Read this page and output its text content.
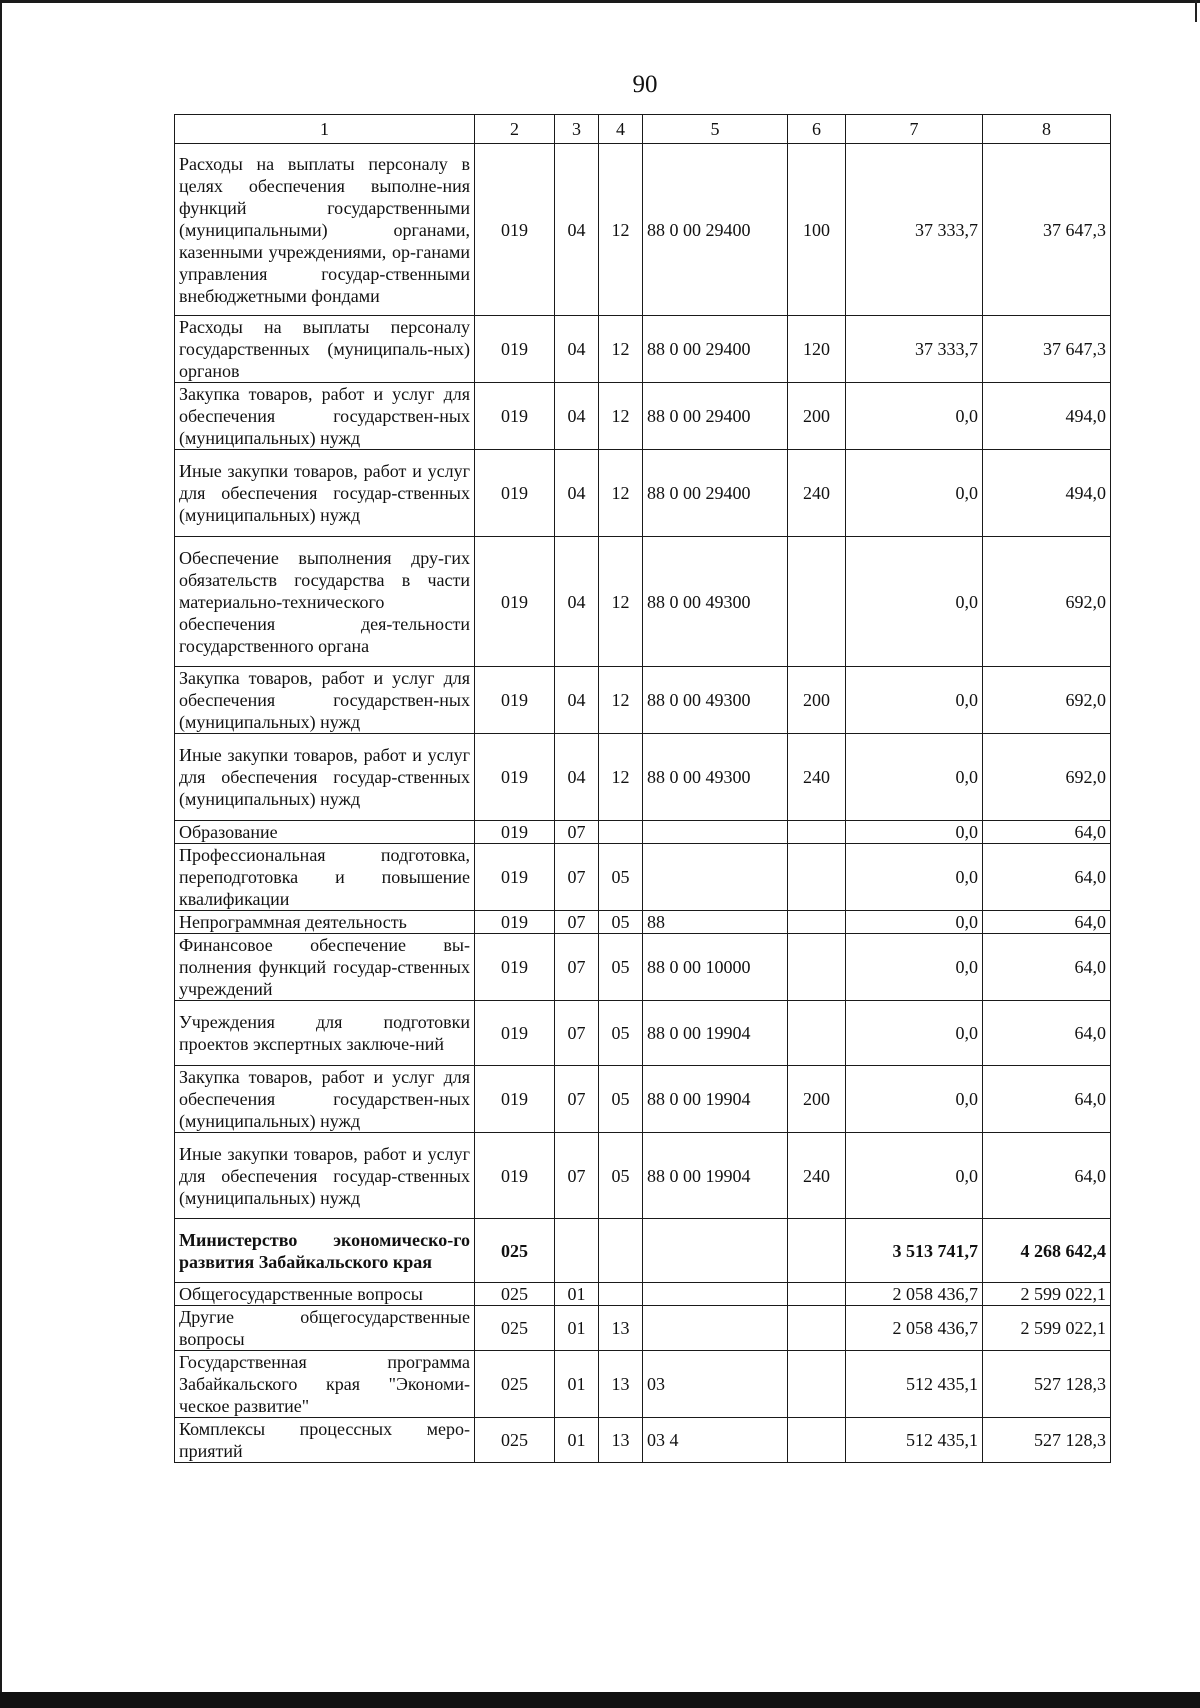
90
1	2	3	4	5	6	7	8
Расходы на выплаты персоналу в целях обеспечения выполне-ния функций государственными (муниципальными) органами, казенными учреждениями, ор-ганами управления государ-ственными внебюджетными фондами	019	04	12	88 0 00 29400	100	37 333,7	37 647,3
Расходы на выплаты персоналу государственных (муниципаль-ных) органов	019	04	12	88 0 00 29400	120	37 333,7	37 647,3
Закупка товаров, работ и услуг для обеспечения государствен-ных (муниципальных) нужд	019	04	12	88 0 00 29400	200	0,0	494,0
Иные закупки товаров, работ и услуг для обеспечения государ-ственных (муниципальных) нужд	019	04	12	88 0 00 29400	240	0,0	494,0
Обеспечение выполнения дру-гих обязательств государства в части материально-технического обеспечения дея-тельности государственного органа	019	04	12	88 0 00 49300		0,0	692,0
Закупка товаров, работ и услуг для обеспечения государствен-ных (муниципальных) нужд	019	04	12	88 0 00 49300	200	0,0	692,0
Иные закупки товаров, работ и услуг для обеспечения государ-ственных (муниципальных) нужд	019	04	12	88 0 00 49300	240	0,0	692,0
Образование	019	07				0,0	64,0
Профессиональная подготовка, переподготовка и повышение квалификации	019	07	05			0,0	64,0
Непрограммная деятельность	019	07	05	88		0,0	64,0
Финансовое обеспечение вы-полнения функций государ-ственных учреждений	019	07	05	88 0 00 10000		0,0	64,0
Учреждения для подготовки проектов экспертных заключе-ний	019	07	05	88 0 00 19904		0,0	64,0
Закупка товаров, работ и услуг для обеспечения государствен-ных (муниципальных) нужд	019	07	05	88 0 00 19904	200	0,0	64,0
Иные закупки товаров, работ и услуг для обеспечения государ-ственных (муниципальных) нужд	019	07	05	88 0 00 19904	240	0,0	64,0
Министерство экономическо-го развития Забайкальского края	025					3 513 741,7	4 268 642,4
Общегосударственные вопросы	025	01				2 058 436,7	2 599 022,1
Другие общегосударственные вопросы	025	01	13			2 058 436,7	2 599 022,1
Государственная программа Забайкальского края "Экономи-ческое развитие"	025	01	13	03		512 435,1	527 128,3
Комплексы процессных меро-приятий	025	01	13	03 4		512 435,1	527 128,3
